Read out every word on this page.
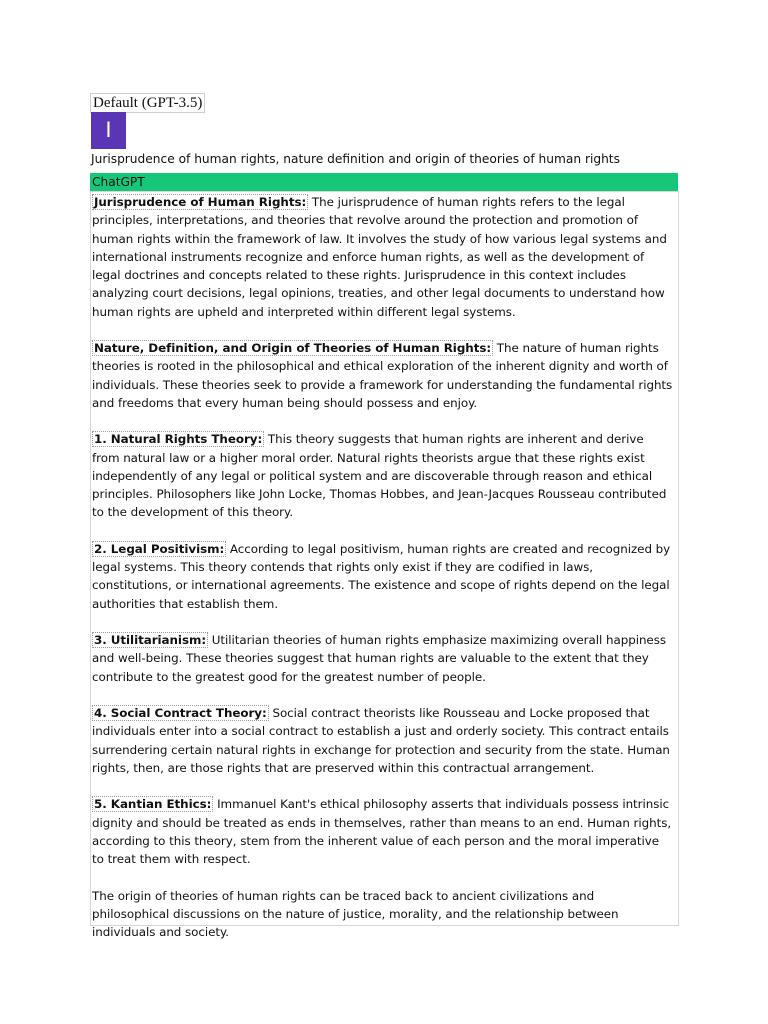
Default (GPT-3.5)
I
Jurisprudence of human rights, nature definition and origin of theories of human rights
ChatGPT

Jurisprudence of Human Rights: The jurisprudence of human rights refers to the legal principles, interpretations, and theories that revolve around the protection and promotion of human rights within the framework of law. It involves the study of how various legal systems and international instruments recognize and enforce human rights, as well as the development of legal doctrines and concepts related to these rights. Jurisprudence in this context includes analyzing court decisions, legal opinions, treaties, and other legal documents to understand how human rights are upheld and interpreted within different legal systems.

Nature, Definition, and Origin of Theories of Human Rights: The nature of human rights theories is rooted in the philosophical and ethical exploration of the inherent dignity and worth of individuals. These theories seek to provide a framework for understanding the fundamental rights and freedoms that every human being should possess and enjoy.

1. Natural Rights Theory: This theory suggests that human rights are inherent and derive from natural law or a higher moral order. Natural rights theorists argue that these rights exist independently of any legal or political system and are discoverable through reason and ethical principles. Philosophers like John Locke, Thomas Hobbes, and Jean-Jacques Rousseau contributed to the development of this theory.

2. Legal Positivism: According to legal positivism, human rights are created and recognized by legal systems. This theory contends that rights only exist if they are codified in laws, constitutions, or international agreements. The existence and scope of rights depend on the legal authorities that establish them.

3. Utilitarianism: Utilitarian theories of human rights emphasize maximizing overall happiness and well-being. These theories suggest that human rights are valuable to the extent that they contribute to the greatest good for the greatest number of people.

4. Social Contract Theory: Social contract theorists like Rousseau and Locke proposed that individuals enter into a social contract to establish a just and orderly society. This contract entails surrendering certain natural rights in exchange for protection and security from the state. Human rights, then, are those rights that are preserved within this contractual arrangement.

5. Kantian Ethics: Immanuel Kant's ethical philosophy asserts that individuals possess intrinsic dignity and should be treated as ends in themselves, rather than means to an end. Human rights, according to this theory, stem from the inherent value of each person and the moral imperative to treat them with respect.

The origin of theories of human rights can be traced back to ancient civilizations and philosophical discussions on the nature of justice, morality, and the relationship between individuals and society.
